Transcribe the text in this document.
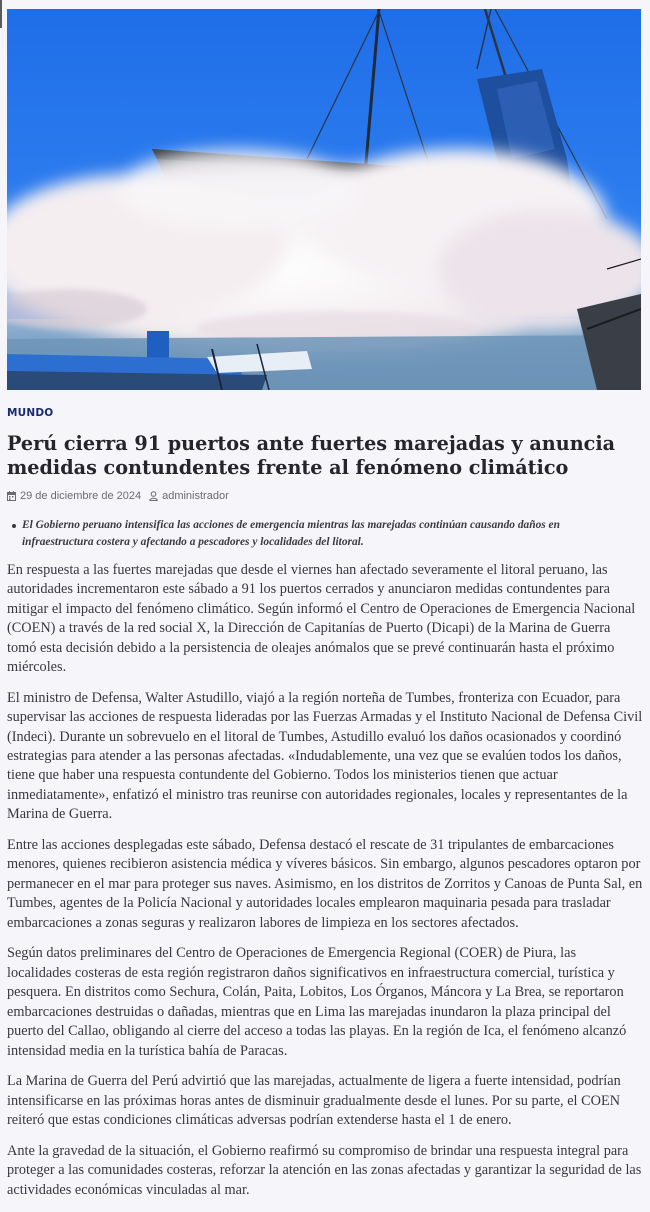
MUNDO
Perú cierra 91 puertos ante fuertes marejadas y anuncia medidas contundentes frente al fenómeno climático
29 de diciembre de 2024 administrador
El Gobierno peruano intensifica las acciones de emergencia mientras las marejadas continúan causando daños en infraestructura costera y afectando a pescadores y localidades del litoral.

En respuesta a las fuertes marejadas que desde el viernes han afectado severamente el litoral peruano, las autoridades incrementaron este sábado a 91 los puertos cerrados y anunciaron medidas contundentes para mitigar el impacto del fenómeno climático. Según informó el Centro de Operaciones de Emergencia Nacional (COEN) a través de la red social X, la Dirección de Capitanías de Puerto (Dicapi) de la Marina de Guerra tomó esta decisión debido a la persistencia de oleajes anómalos que se prevé continuarán hasta el próximo miércoles.

El ministro de Defensa, Walter Astudillo, viajó a la región norteña de Tumbes, fronteriza con Ecuador, para supervisar las acciones de respuesta lideradas por las Fuerzas Armadas y el Instituto Nacional de Defensa Civil (Indeci). Durante un sobrevuelo en el litoral de Tumbes, Astudillo evaluó los daños ocasionados y coordinó estrategias para atender a las personas afectadas. «Indudablemente, una vez que se evalúen todos los daños, tiene que haber una respuesta contundente del Gobierno. Todos los ministerios tienen que actuar inmediatamente», enfatizó el ministro tras reunirse con autoridades regionales, locales y representantes de la Marina de Guerra.

Entre las acciones desplegadas este sábado, Defensa destacó el rescate de 31 tripulantes de embarcaciones menores, quienes recibieron asistencia médica y víveres básicos. Sin embargo, algunos pescadores optaron por permanecer en el mar para proteger sus naves. Asimismo, en los distritos de Zorritos y Canoas de Punta Sal, en Tumbes, agentes de la Policía Nacional y autoridades locales emplearon maquinaria pesada para trasladar embarcaciones a zonas seguras y realizaron labores de limpieza en los sectores afectados.

Según datos preliminares del Centro de Operaciones de Emergencia Regional (COER) de Piura, las localidades costeras de esta región registraron daños significativos en infraestructura comercial, turística y pesquera. En distritos como Sechura, Colán, Paita, Lobitos, Los Órganos, Máncora y La Brea, se reportaron embarcaciones destruidas o dañadas, mientras que en Lima las marejadas inundaron la plaza principal del puerto del Callao, obligando al cierre del acceso a todas las playas. En la región de Ica, el fenómeno alcanzó intensidad media en la turística bahía de Paracas.

La Marina de Guerra del Perú advirtió que las marejadas, actualmente de ligera a fuerte intensidad, podrían intensificarse en las próximas horas antes de disminuir gradualmente desde el lunes. Por su parte, el COEN reiteró que estas condiciones climáticas adversas podrían extenderse hasta el 1 de enero.

Ante la gravedad de la situación, el Gobierno reafirmó su compromiso de brindar una respuesta integral para proteger a las comunidades costeras, reforzar la atención en las zonas afectadas y garantizar la seguridad de las actividades económicas vinculadas al mar.
